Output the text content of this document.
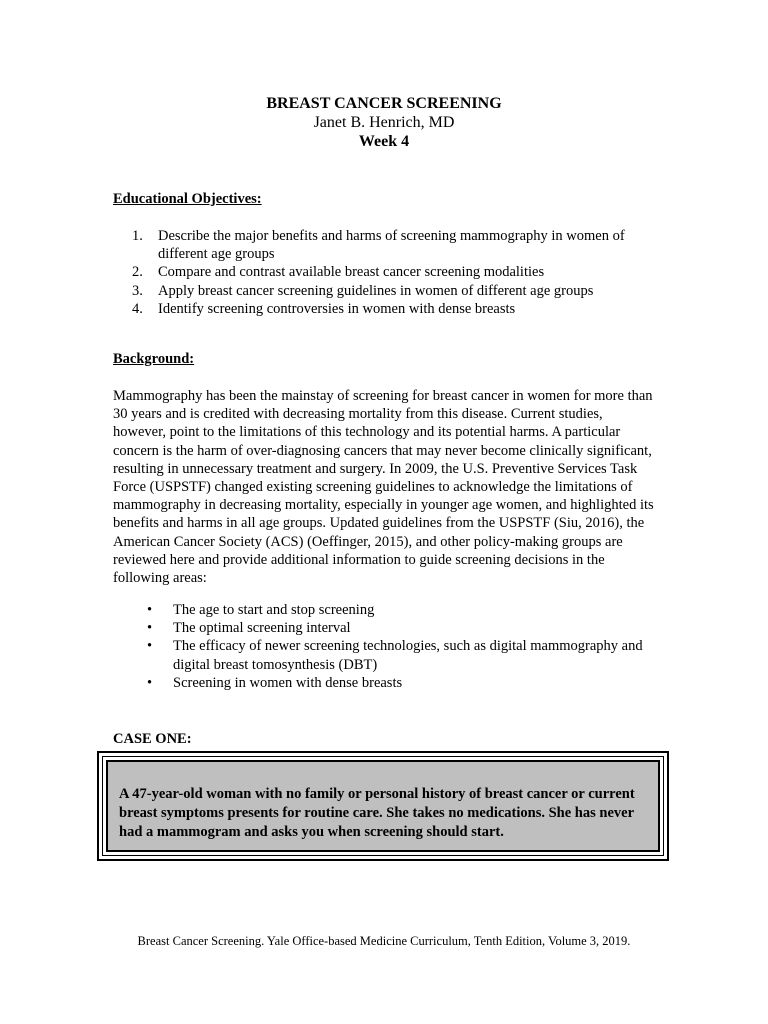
BREAST CANCER SCREENING
Janet B. Henrich, MD
Week 4
Educational Objectives:
1. Describe the major benefits and harms of screening mammography in women of different age groups
2. Compare and contrast available breast cancer screening modalities
3. Apply breast cancer screening guidelines in women of different age groups
4. Identify screening controversies in women with dense breasts
Background:

Mammography has been the mainstay of screening for breast cancer in women for more than 30 years and is credited with decreasing mortality from this disease. Current studies, however, point to the limitations of this technology and its potential harms. A particular concern is the harm of over-diagnosing cancers that may never become clinically significant, resulting in unnecessary treatment and surgery. In 2009, the U.S. Preventive Services Task Force (USPSTF) changed existing screening guidelines to acknowledge the limitations of mammography in decreasing mortality, especially in younger age women, and highlighted its benefits and harms in all age groups. Updated guidelines from the USPSTF (Siu, 2016), the American Cancer Society (ACS) (Oeffinger, 2015), and other policy-making groups are reviewed here and provide additional information to guide screening decisions in the following areas:

• The age to start and stop screening
• The optimal screening interval
• The efficacy of newer screening technologies, such as digital mammography and digital breast tomosynthesis (DBT)
• Screening in women with dense breasts
CASE ONE:
A 47-year-old woman with no family or personal history of breast cancer or current breast symptoms presents for routine care. She takes no medications. She has never had a mammogram and asks you when screening should start.
Breast Cancer Screening. Yale Office-based Medicine Curriculum, Tenth Edition, Volume 3, 2019.
